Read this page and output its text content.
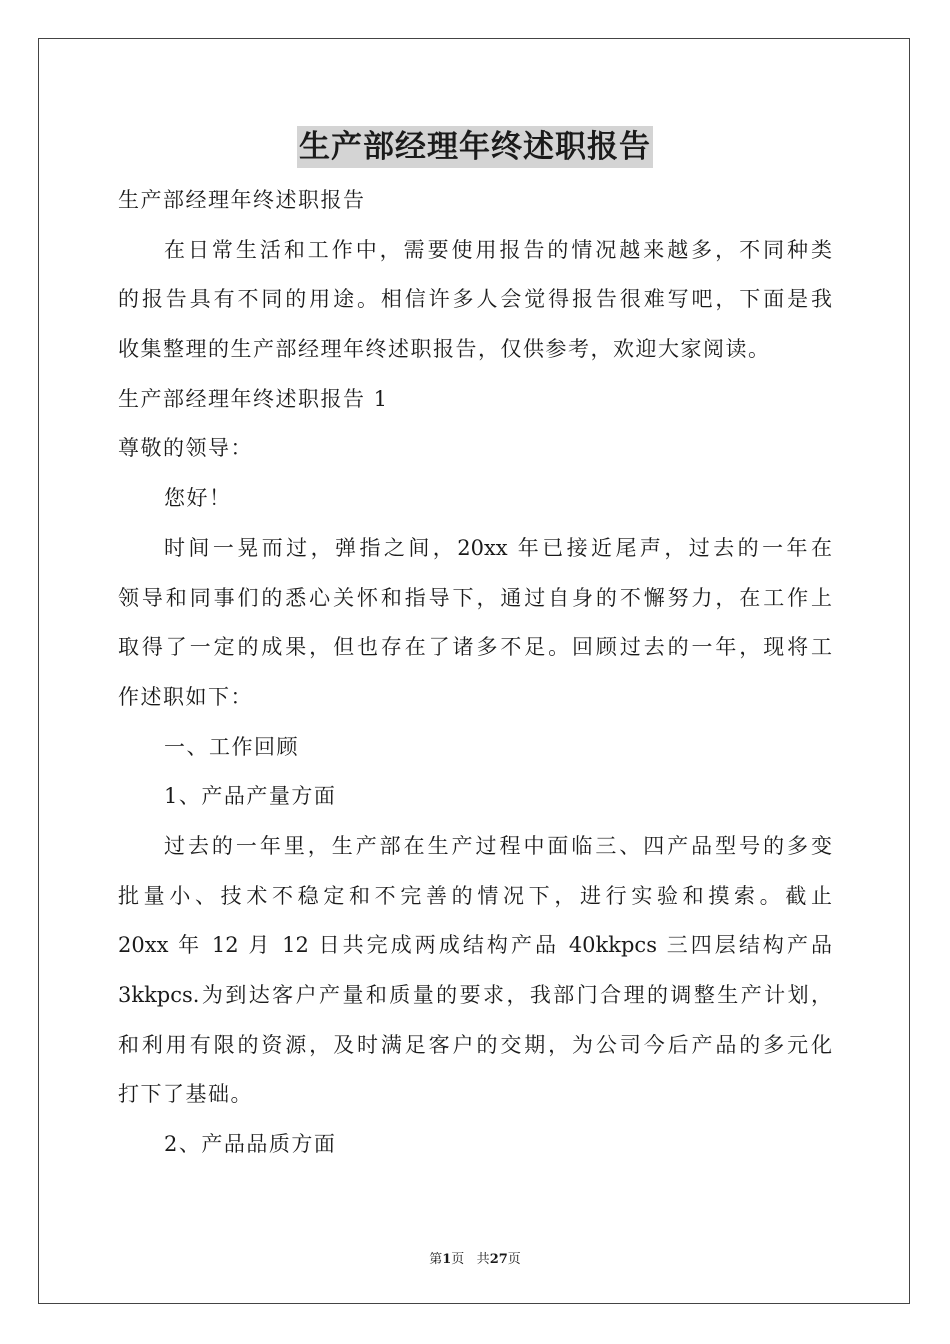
生产部经理年终述职报告
生产部经理年终述职报告
在日常生活和工作中，需要使用报告的情况越来越多，不同种类
的报告具有不同的用途。相信许多人会觉得报告很难写吧，下面是我
收集整理的生产部经理年终述职报告，仅供参考，欢迎大家阅读。
生产部经理年终述职报告 1
尊敬的领导：
您好！
时间一晃而过，弹指之间，20xx 年已接近尾声，过去的一年在
领导和同事们的悉心关怀和指导下，通过自身的不懈努力，在工作上
取得了一定的成果，但也存在了诸多不足。回顾过去的一年，现将工
作述职如下：
一、工作回顾
1、产品产量方面
过去的一年里，生产部在生产过程中面临三、四产品型号的多变
批量小、技术不稳定和不完善的情况下，进行实验和摸索。截止
20xx 年 12 月 12 日共完成两成结构产品 40kkpcs 三四层结构产品
3kkpcs.为到达客户产量和质量的要求，我部门合理的调整生产计划，
和利用有限的资源，及时满足客户的交期，为公司今后产品的多元化
打下了基础。
2、产品品质方面
第1页 共27页
